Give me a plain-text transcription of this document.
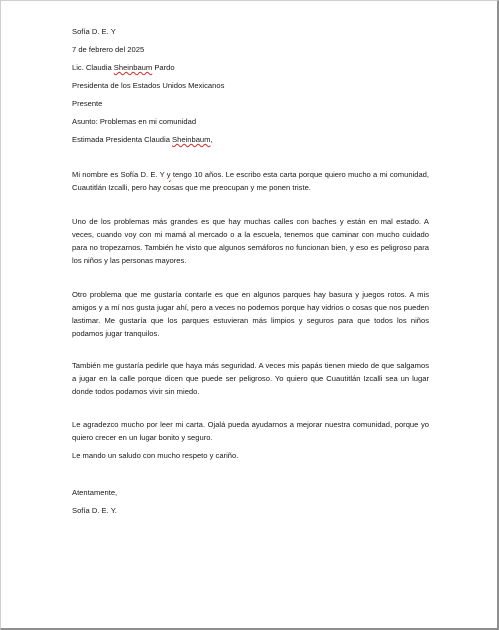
Sofía D. E. Y
7 de febrero del 2025
Lic. Claudia Sheinbaum Pardo
Presidenta de los Estados Unidos Mexicanos
Presente
Asunto: Problemas en mi comunidad
Estimada Presidenta Claudia Sheinbaum,
Mi nombre es Sofía D. E. Y y tengo 10 años. Le escribo esta carta porque quiero mucho a mi comunidad, Cuautitlán Izcalli, pero hay cosas que me preocupan y me ponen triste.
Uno de los problemas más grandes es que hay muchas calles con baches y están en mal estado. A veces, cuando voy con mi mamá al mercado o a la escuela, tenemos que caminar con mucho cuidado para no tropezarnos. También he visto que algunos semáforos no funcionan bien, y eso es peligroso para los niños y las personas mayores.
Otro problema que me gustaría contarle es que en algunos parques hay basura y juegos rotos. A mis amigos y a mí nos gusta jugar ahí, pero a veces no podemos porque hay vidrios o cosas que nos pueden lastimar. Me gustaría que los parques estuvieran más limpios y seguros para que todos los niños podamos jugar tranquilos.
También me gustaría pedirle que haya más seguridad. A veces mis papás tienen miedo de que salgamos a jugar en la calle porque dicen que puede ser peligroso. Yo quiero que Cuautitlán Izcalli sea un lugar donde todos podamos vivir sin miedo.
Le agradezco mucho por leer mi carta. Ojalá pueda ayudarnos a mejorar nuestra comunidad, porque yo quiero crecer en un lugar bonito y seguro.
Le mando un saludo con mucho respeto y cariño.
Atentamente,
Sofía D. E. Y.
